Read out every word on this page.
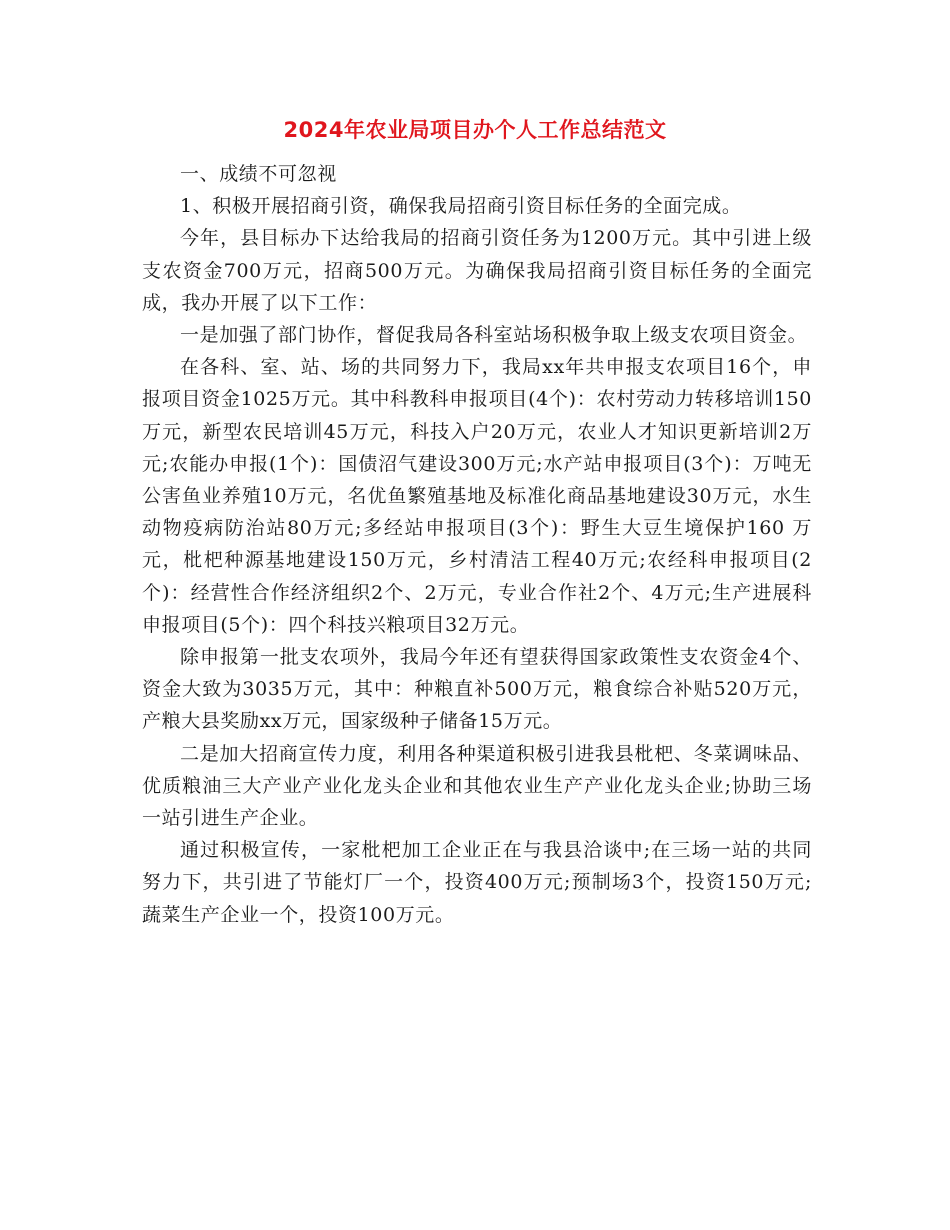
2024年农业局项目办个人工作总结范文

一、成绩不可忽视

1、积极开展招商引资，确保我局招商引资目标任务的全面完成。

今年，县目标办下达给我局的招商引资任务为1200万元。其中引进上级支农资金700万元，招商500万元。为确保我局招商引资目标任务的全面完成，我办开展了以下工作：

一是加强了部门协作，督促我局各科室站场积极争取上级支农项目资金。

在各科、室、站、场的共同努力下，我局xx年共申报支农项目16个，申报项目资金1025万元。其中科教科申报项目(4个)：农村劳动力转移培训150 万元，新型农民培训45万元，科技入户20万元，农业人才知识更新培训2万元;农能办申报(1个)：国债沼气建设300万元;水产站申报项目(3个)：万吨无公害鱼业养殖10万元，名优鱼繁殖基地及标准化商品基地建设30万元，水生动物疫病防治站80万元;多经站申报项目(3个)：野生大豆生境保护160 万元，枇杷种源基地建设150万元，乡村清洁工程40万元;农经科申报项目(2个)：经营性合作经济组织2个、2万元，专业合作社2个、4万元;生产进展科申报项目(5个)：四个科技兴粮项目32万元。

除申报第一批支农项外，我局今年还有望获得国家政策性支农资金4个、资金大致为3035万元，其中：种粮直补500万元，粮食综合补贴520万元，产粮大县奖励xx万元，国家级种子储备15万元。

二是加大招商宣传力度，利用各种渠道积极引进我县枇杷、冬菜调味品、优质粮油三大产业产业化龙头企业和其他农业生产产业化龙头企业;协助三场一站引进生产企业。

通过积极宣传，一家枇杷加工企业正在与我县洽谈中;在三场一站的共同努力下，共引进了节能灯厂一个，投资400万元;预制场3个，投资150万元;蔬菜生产企业一个，投资100万元。
